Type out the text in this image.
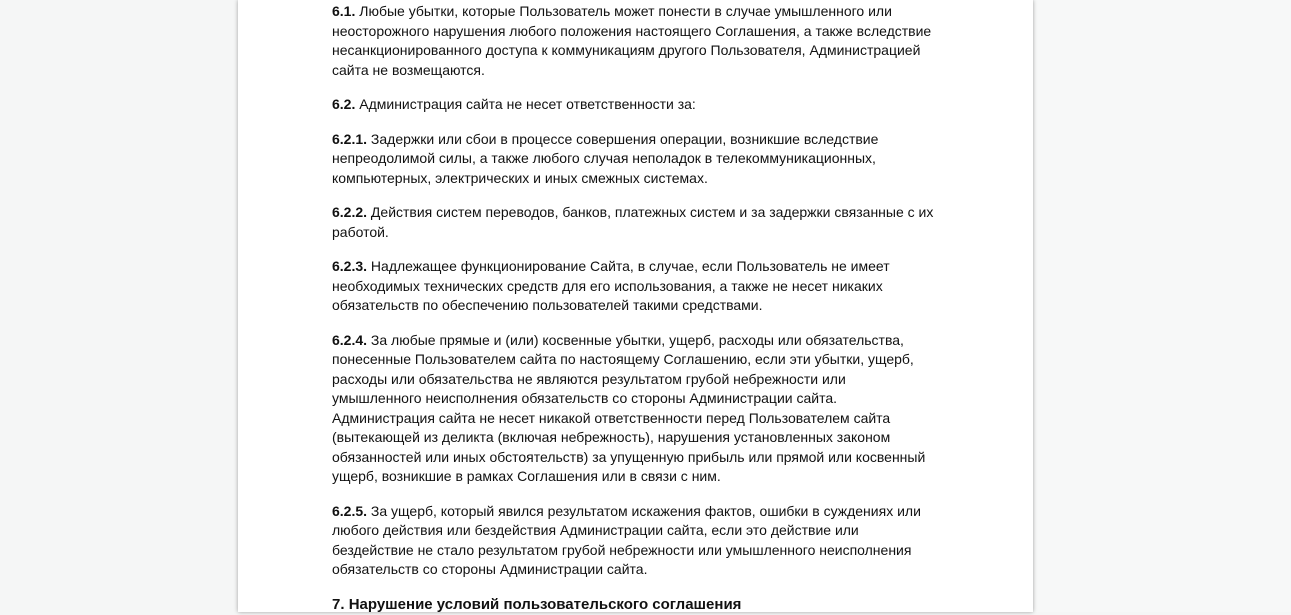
6.1. Любые убытки, которые Пользователь может понести в случае умышленного или неосторожного нарушения любого положения настоящего Соглашения, а также вследствие несанкционированного доступа к коммуникациям другого Пользователя, Администрацией сайта не возмещаются.

6.2. Администрация сайта не несет ответственности за:

6.2.1. Задержки или сбои в процессе совершения операции, возникшие вследствие непреодолимой силы, а также любого случая неполадок в телекоммуникационных, компьютерных, электрических и иных смежных системах.

6.2.2. Действия систем переводов, банков, платежных систем и за задержки связанные с их работой.

6.2.3. Надлежащее функционирование Сайта, в случае, если Пользователь не имеет необходимых технических средств для его использования, а также не несет никаких обязательств по обеспечению пользователей такими средствами.

6.2.4. За любые прямые и (или) косвенные убытки, ущерб, расходы или обязательства, понесенные Пользователем сайта по настоящему Соглашению, если эти убытки, ущерб, расходы или обязательства не являются результатом грубой небрежности или умышленного неисполнения обязательств со стороны Администрации сайта. Администрация сайта не несет никакой ответственности перед Пользователем сайта (вытекающей из деликта (включая небрежность), нарушения установленных законом обязанностей или иных обстоятельств) за упущенную прибыль или прямой или косвенный ущерб, возникшие в рамках Соглашения или в связи с ним.

6.2.5. За ущерб, который явился результатом искажения фактов, ошибки в суждениях или любого действия или бездействия Администрации сайта, если это действие или бездействие не стало результатом грубой небрежности или умышленного неисполнения обязательств со стороны Администрации сайта.

7. Нарушение условий пользовательского соглашения
